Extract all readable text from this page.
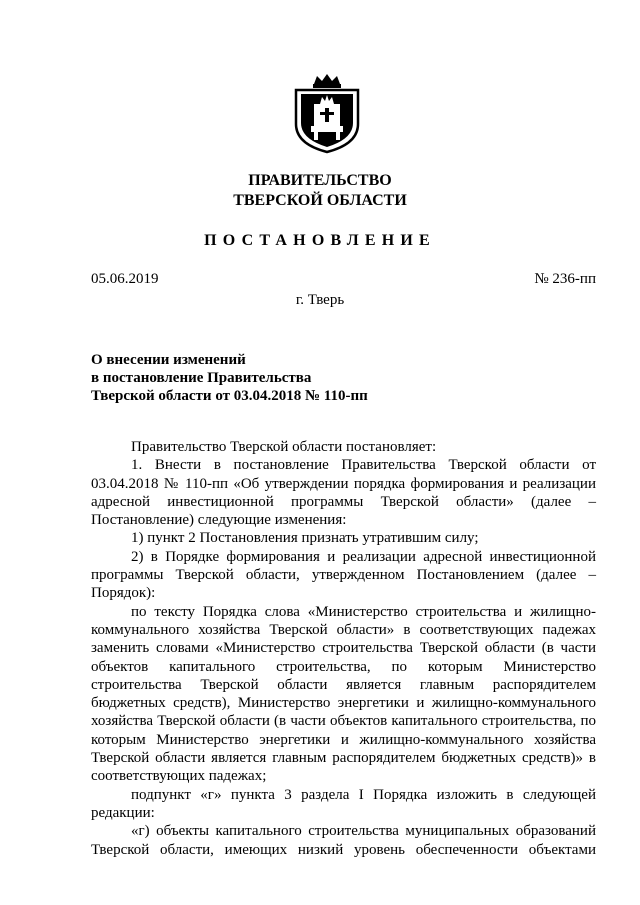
ПРАВИТЕЛЬСТВО
ТВЕРСКОЙ ОБЛАСТИ
ПОСТАНОВЛЕНИЕ
05.06.2019	№ 236-пп
г. Тверь
О внесении изменений
в постановление Правительства
Тверской области от 03.04.2018 № 110-пп

Правительство Тверской области постановляет:

1. Внести в постановление Правительства Тверской области от 03.04.2018 № 110-пп «Об утверждении порядка формирования и реализации адресной инвестиционной программы Тверской области» (далее – Постановление) следующие изменения:

1) пункт 2 Постановления признать утратившим силу;

2) в Порядке формирования и реализации адресной инвестиционной программы Тверской области, утвержденном Постановлением (далее – Порядок):

по тексту Порядка слова «Министерство строительства и жилищно-коммунального хозяйства Тверской области» в соответствующих падежах заменить словами «Министерство строительства Тверской области (в части объектов капитального строительства, по которым Министерство строительства Тверской области является главным распорядителем бюджетных средств), Министерство энергетики и жилищно-коммунального хозяйства Тверской области (в части объектов капитального строительства, по которым Министерство энергетики и жилищно-коммунального хозяйства Тверской области является главным распорядителем бюджетных средств)» в соответствующих падежах;

подпункт «г» пункта 3 раздела I Порядка изложить в следующей редакции:

«г) объекты капитального строительства муниципальных образований Тверской области, имеющих низкий уровень обеспеченности объектами
